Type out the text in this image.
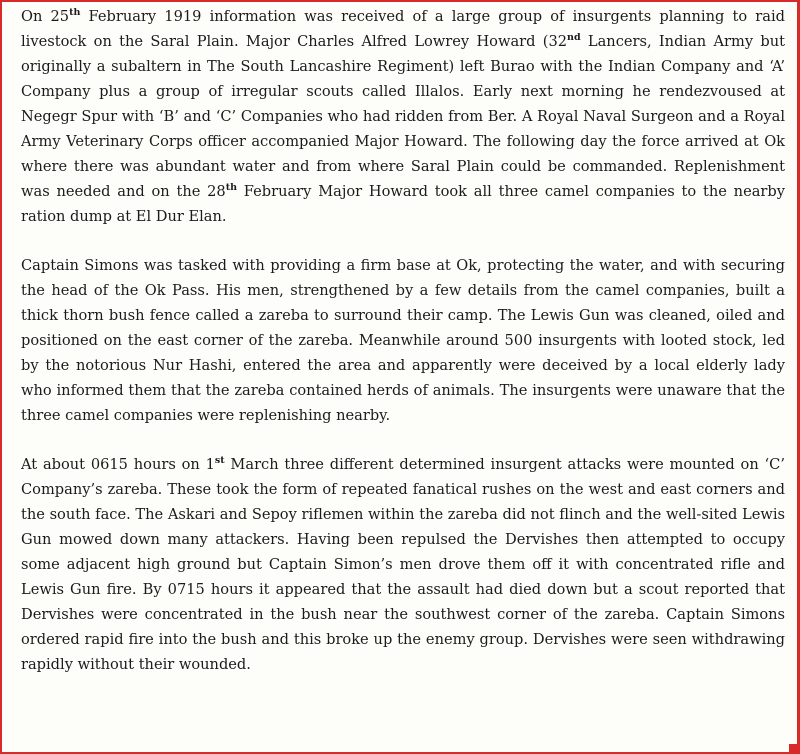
On 25th February 1919 information was received of a large group of insurgents planning to raid livestock on the Saral Plain. Major Charles Alfred Lowrey Howard (32nd Lancers, Indian Army but originally a subaltern in The South Lancashire Regiment) left Burao with the Indian Company and ‘A’ Company plus a group of irregular scouts called Illalos. Early next morning he rendezvoused at Negegr Spur with ‘B’ and ‘C’ Companies who had ridden from Ber. A Royal Naval Surgeon and a Royal Army Veterinary Corps officer accompanied Major Howard. The following day the force arrived at Ok where there was abundant water and from where Saral Plain could be commanded. Replenishment was needed and on the 28th February Major Howard took all three camel companies to the nearby ration dump at El Dur Elan.

Captain Simons was tasked with providing a firm base at Ok, protecting the water, and with securing the head of the Ok Pass. His men, strengthened by a few details from the camel companies, built a thick thorn bush fence called a zareba to surround their camp. The Lewis Gun was cleaned, oiled and positioned on the east corner of the zareba. Meanwhile around 500 insurgents with looted stock, led by the notorious Nur Hashi, entered the area and apparently were deceived by a local elderly lady who informed them that the zareba contained herds of animals. The insurgents were unaware that the three camel companies were replenishing nearby.

At about 0615 hours on 1st March three different determined insurgent attacks were mounted on ‘C’ Company’s zareba. These took the form of repeated fanatical rushes on the west and east corners and the south face. The Askari and Sepoy riflemen within the zareba did not flinch and the well-sited Lewis Gun mowed down many attackers. Having been repulsed the Dervishes then attempted to occupy some adjacent high ground but Captain Simon’s men drove them off it with concentrated rifle and Lewis Gun fire. By 0715 hours it appeared that the assault had died down but a scout reported that Dervishes were concentrated in the bush near the southwest corner of the zareba. Captain Simons ordered rapid fire into the bush and this broke up the enemy group. Dervishes were seen withdrawing rapidly without their wounded.
